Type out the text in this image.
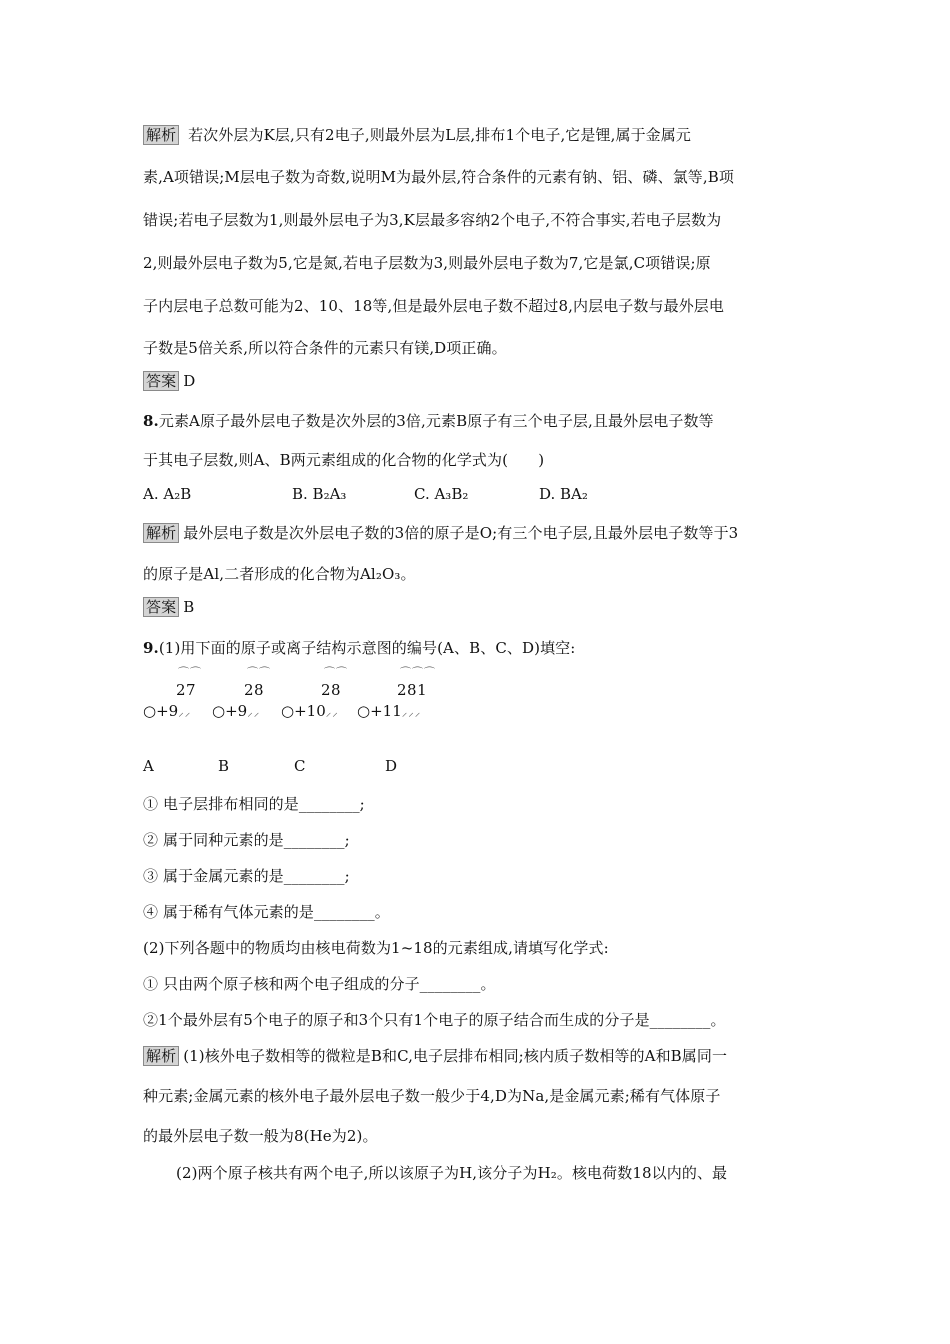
解析 若次外层为K层,只有2电子,则最外层为L层,排布1个电子,它是锂,属于金属元
素,A项错误;M层电子数为奇数,说明M为最外层,符合条件的元素有钠、铝、磷、氯等,B项
错误;若电子层数为1,则最外层电子为3,K层最多容纳2个电子,不符合事实,若电子层数为
2,则最外层电子数为5,它是氮,若电子层数为3,则最外层电子数为7,它是氯,C项错误;原
子内层电子总数可能为2、10、18等,但是最外层电子数不超过8,内层电子数与最外层电
子数是5倍关系,所以符合条件的元素只有镁,D项正确。
答案 D
8.元素A原子最外层电子数是次外层的3倍,元素B原子有三个电子层,且最外层电子数等
于其电子层数,则A、B两元素组成的化合物的化学式为(　　)
A. A₂B	B. B₂A₃	C. A₃B₂	D. BA₂
解析 最外层电子数是次外层电子数的3倍的原子是O;有三个电子层,且最外层电子数等于3
的原子是Al,二者形成的化合物为Al₂O₃。
答案 B
9.(1)用下面的原子或离子结构示意图的编号(A、B、C、D)填空:
⌒⌒
27
○+9⸝⸝
⌒⌒
28
○+9⸝⸝
⌒⌒
28
○+10⸝⸝
⌒⌒⌒
281
○+11⸝⸝⸝
A	B	C	D
① 电子层排布相同的是________;
② 属于同种元素的是________;
③ 属于金属元素的是________;
④ 属于稀有气体元素的是________。
(2)下列各题中的物质均由核电荷数为1~18的元素组成,请填写化学式:
① 只由两个原子核和两个电子组成的分子________。
②1个最外层有5个电子的原子和3个只有1个电子的原子结合而生成的分子是________。
解析 (1)核外电子数相等的微粒是B和C,电子层排布相同;核内质子数相等的A和B属同一
种元素;金属元素的核外电子最外层电子数一般少于4,D为Na,是金属元素;稀有气体原子
的最外层电子数一般为8(He为2)。
(2)两个原子核共有两个电子,所以该原子为H,该分子为H₂。核电荷数18以内的、最
